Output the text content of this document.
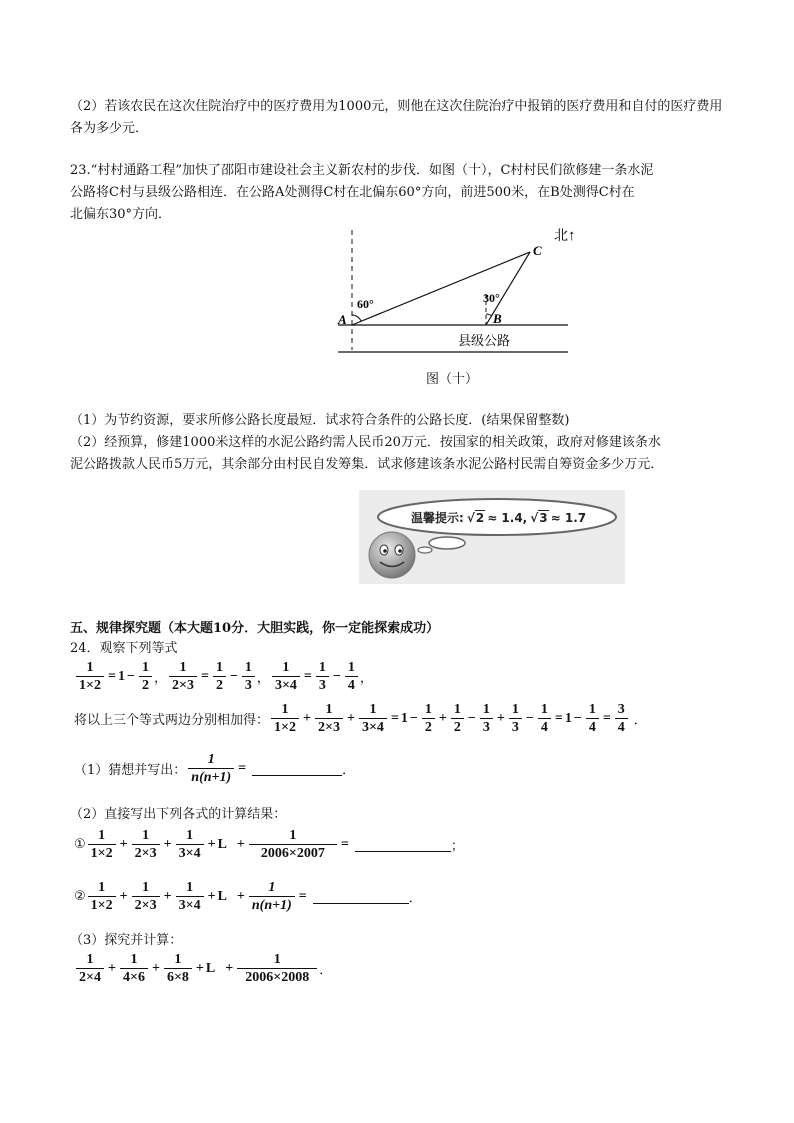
（2）若该农民在这次住院治疗中的医疗费用为1000元，则他在这次住院治疗中报销的医疗费用和自付的医疗费用各为多少元．
23.“村村通路工程”加快了邵阳市建设社会主义新农村的步伐．如图（十），C村村民们欲修建一条水泥
公路将C村与县级公路相连．在公路A处测得C村在北偏东60°方向，前进500米，在B处测得C村在
北偏东30°方向．
C
北 ↑
A	B
60°	30°
县级公路
图（十）
（1）为节约资源，要求所修公路长度最短．试求符合条件的公路长度．(结果保留整数)
（2）经预算，修建1000米这样的水泥公路约需人民币20万元．按国家的相关政策，政府对修建该条水
泥公路拨款人民币5万元，其余部分由村民自发筹集．试求修建该条水泥公路村民需自筹资金多少万元．
温馨提示: √ 2 ≈ 1.4, √ 3 ≈ 1.7
五、规律探究题（本大题10分．大胆实践，你一定能探索成功）
24．观察下列等式
$\frac{1}{1\times 2} = 1 - \frac{1}{2}$ ， $\frac{1}{2\times 3} = \frac{1}{2} - \frac{1}{3}$ ， $\frac{1}{3\times 4} = \frac{1}{3} - \frac{1}{4}$ ，
将以上三个等式两边分别相加得： $\frac{1}{1\times 2} + \frac{1}{2\times 3} + \frac{1}{3\times 4} = 1 - \frac{1}{2} + \frac{1}{2} - \frac{1}{3} + \frac{1}{3} - \frac{1}{4} = 1 - \frac{1}{4} = \frac{3}{4}$ ．
（1）猜想并写出： $\frac{1}{n(n+1)}$ =	．
（2）直接写出下列各式的计算结果：
① $\frac{1}{1\times 2} + \frac{1}{2\times 3} + \frac{1}{3\times 4} + L + \frac{1}{2006\times 2007}$ =	；
② $\frac{1}{1\times 2} + \frac{1}{2\times 3} + \frac{1}{3\times 4} + L + \frac{1}{n(n+1)}$ =	．
（3）探究并计算：
$\frac{1}{2\times 4} + \frac{1}{4\times 6} + \frac{1}{6\times 8} + L + \frac{1}{2006\times 2008}$ ．
